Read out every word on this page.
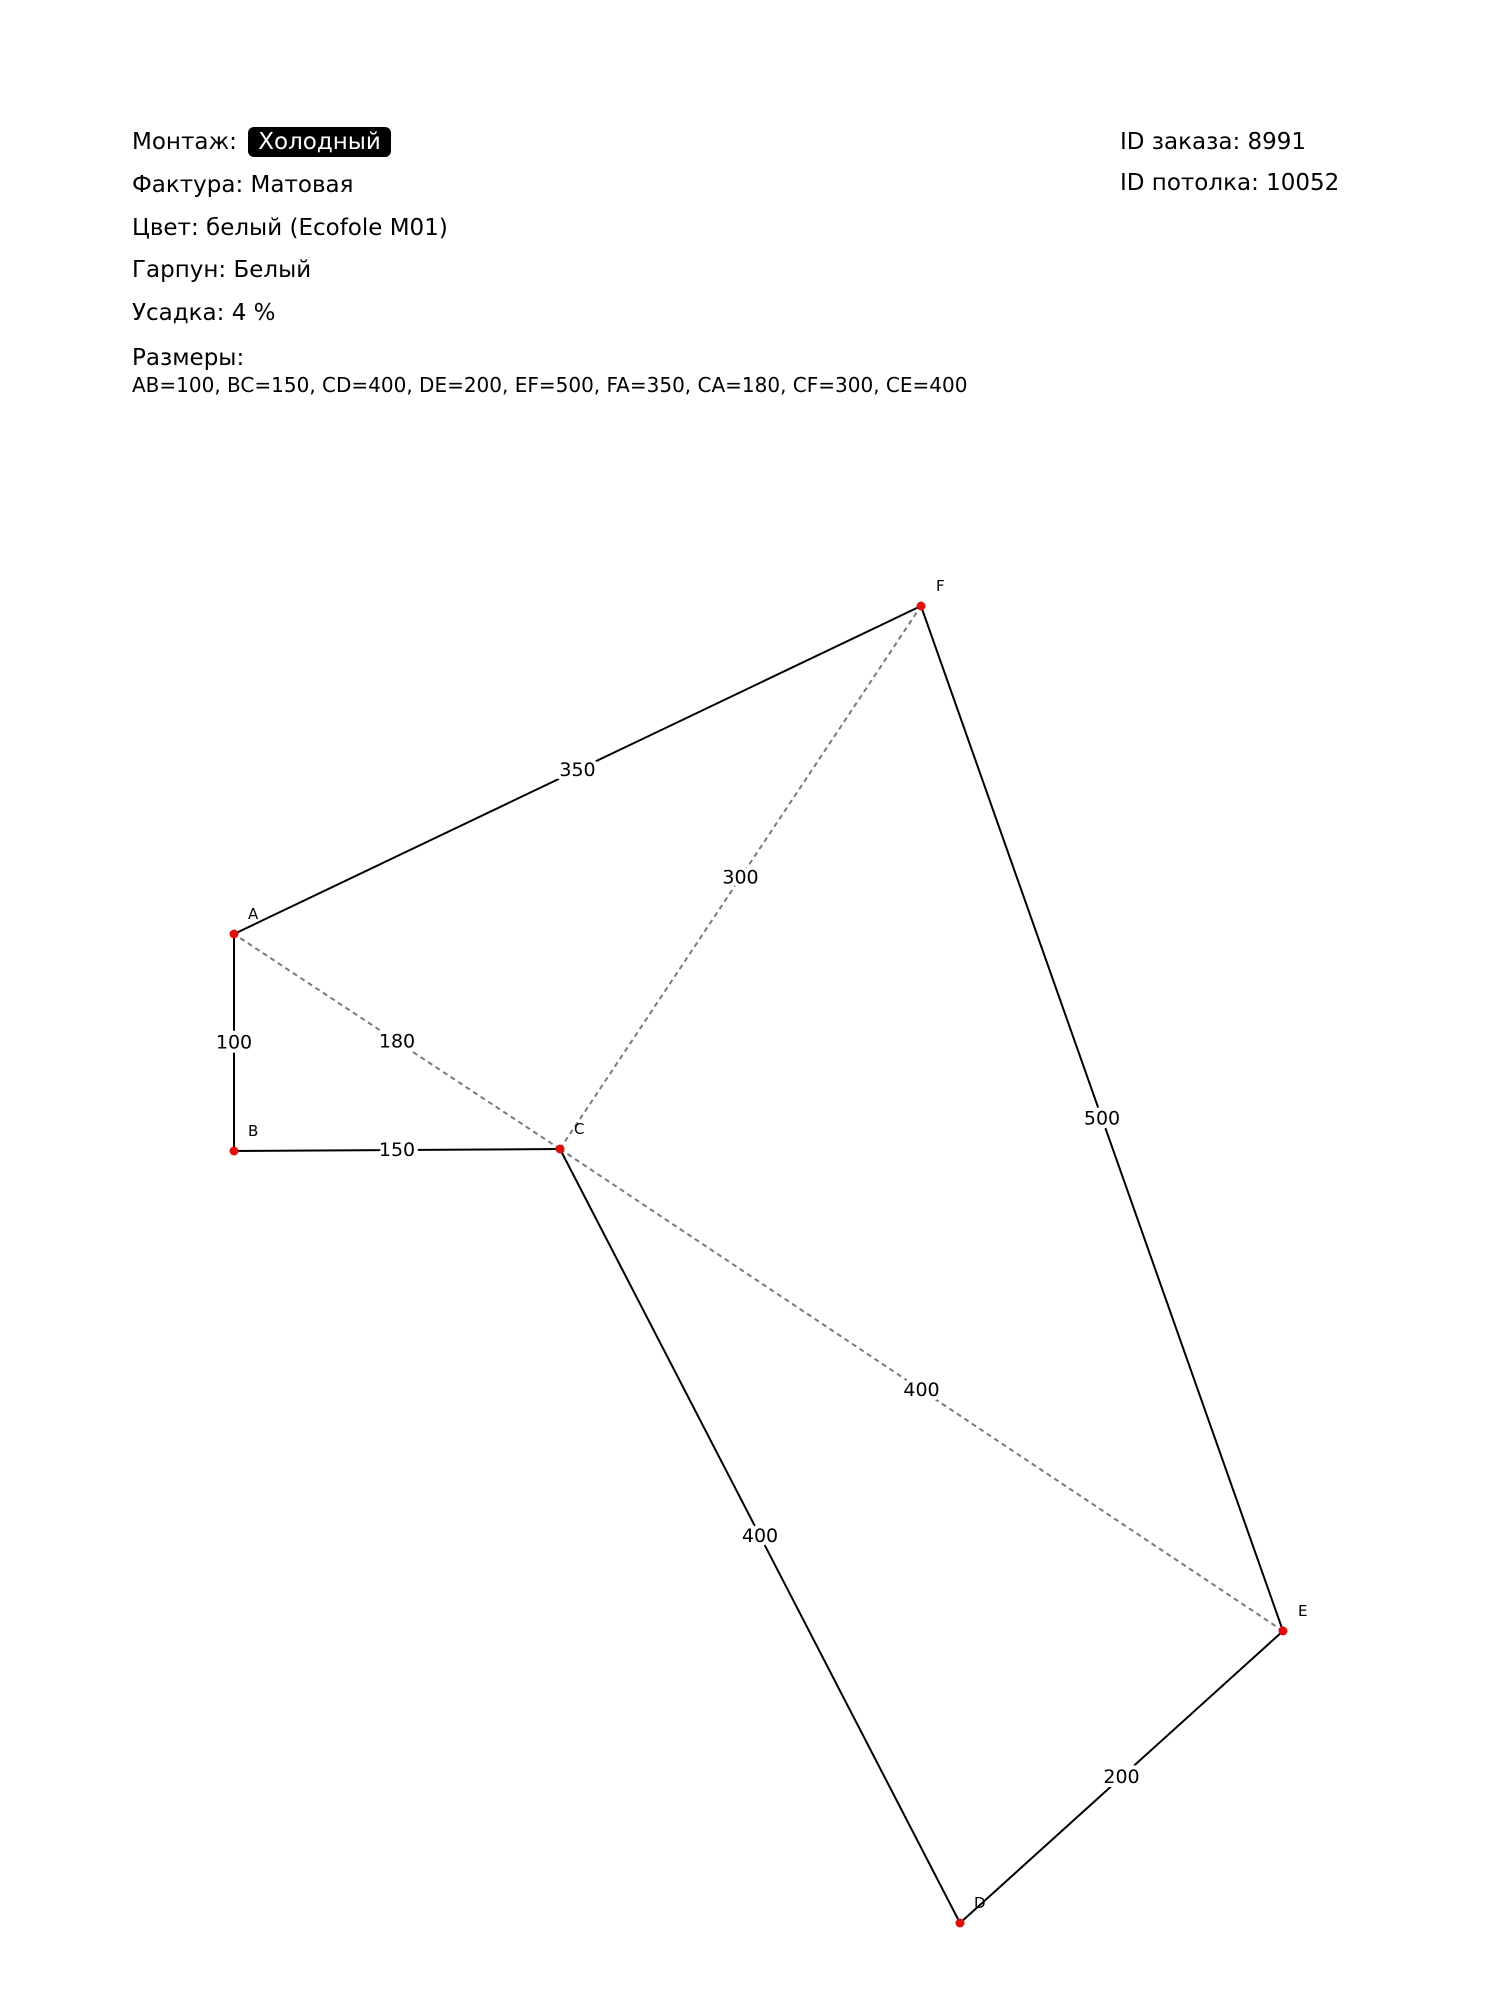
Монтаж: Холодный
Фактура: Матовая
Цвет: белый (Ecofole M01)
Гарпун: Белый
Усадка: 4 %
Размеры:
AB=100, BC=150, CD=400, DE=200, EF=500, FA=350, CA=180, CF=300, CE=400
ID заказа: 8991
ID потолка: 10052
180
300
400
100
150
400
200
500
350
A
B	C
D
E
F
